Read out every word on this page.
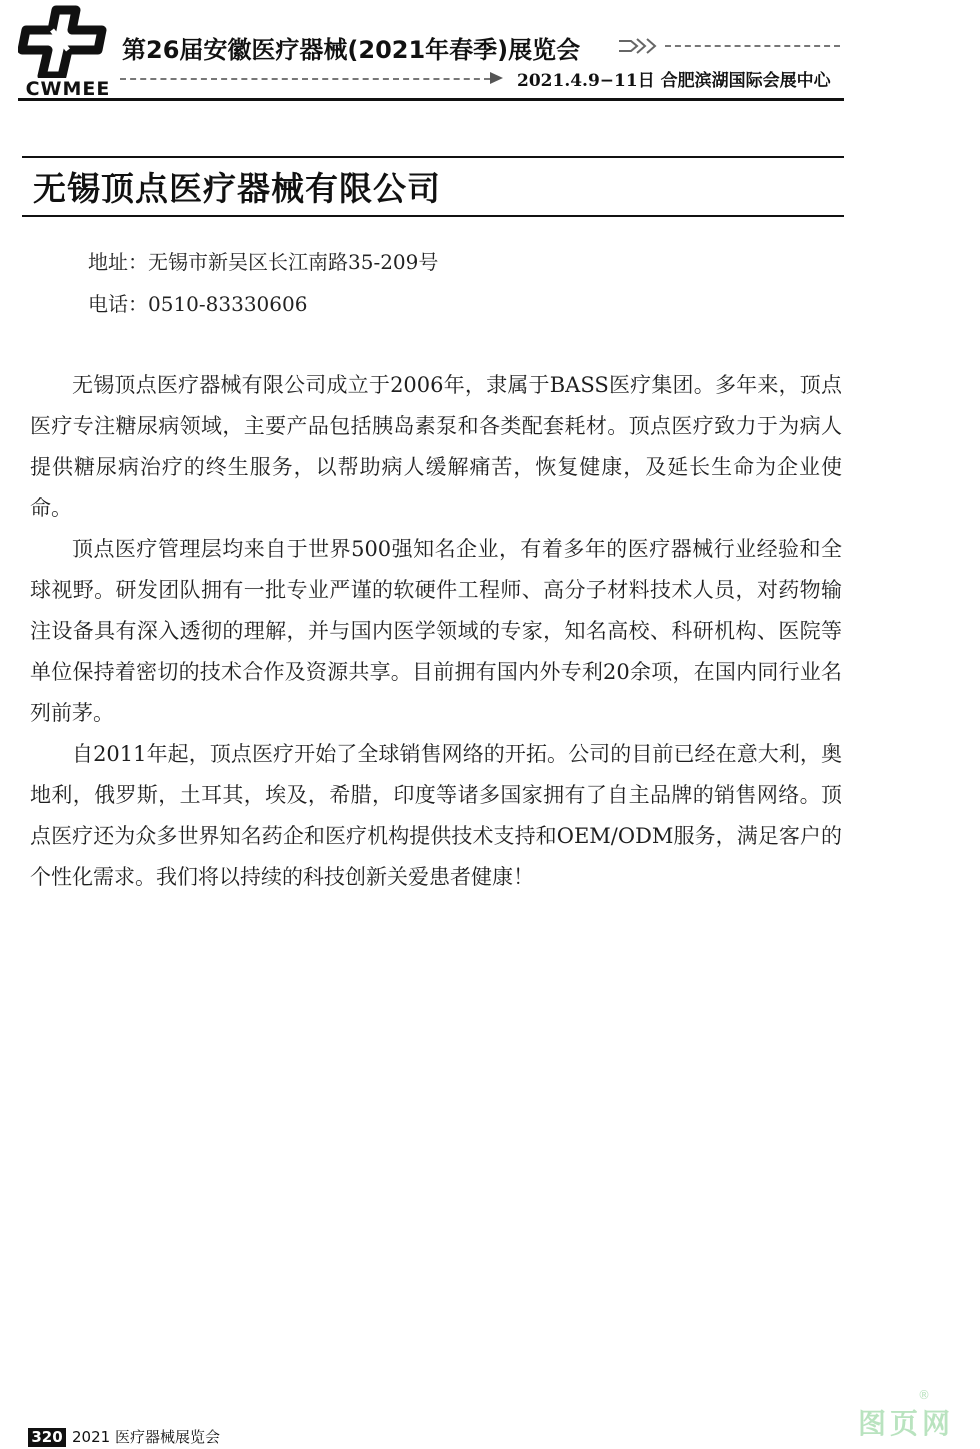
CWMEE
第26届安徽医疗器械(2021年春季)展览会
2021.4.9−11日 合肥滨湖国际会展中心
无锡顶点医疗器械有限公司
地址：无锡市新吴区长江南路35-209号
电话：0510-83330606

无锡顶点医疗器械有限公司成立于2006年，隶属于BASS医疗集团。多年来，顶点医疗专注糖尿病领域，主要产品包括胰岛素泵和各类配套耗材。顶点医疗致力于为病人提供糖尿病治疗的终生服务，以帮助病人缓解痛苦，恢复健康，及延长生命为企业使命。

顶点医疗管理层均来自于世界500强知名企业，有着多年的医疗器械行业经验和全球视野。研发团队拥有一批专业严谨的软硬件工程师、高分子材料技术人员，对药物输注设备具有深入透彻的理解，并与国内医学领域的专家，知名高校、科研机构、医院等单位保持着密切的技术合作及资源共享。目前拥有国内外专利20余项，在国内同行业名列前茅。

自2011年起，顶点医疗开始了全球销售网络的开拓。公司的目前已经在意大利，奥地利，俄罗斯，土耳其，埃及，希腊，印度等诸多国家拥有了自主品牌的销售网络。顶点医疗还为众多世界知名药企和医疗机构提供技术支持和OEM/ODM服务，满足客户的个性化需求。我们将以持续的科技创新关爱患者健康！

320 2021 医疗器械展览会	图页网
®
